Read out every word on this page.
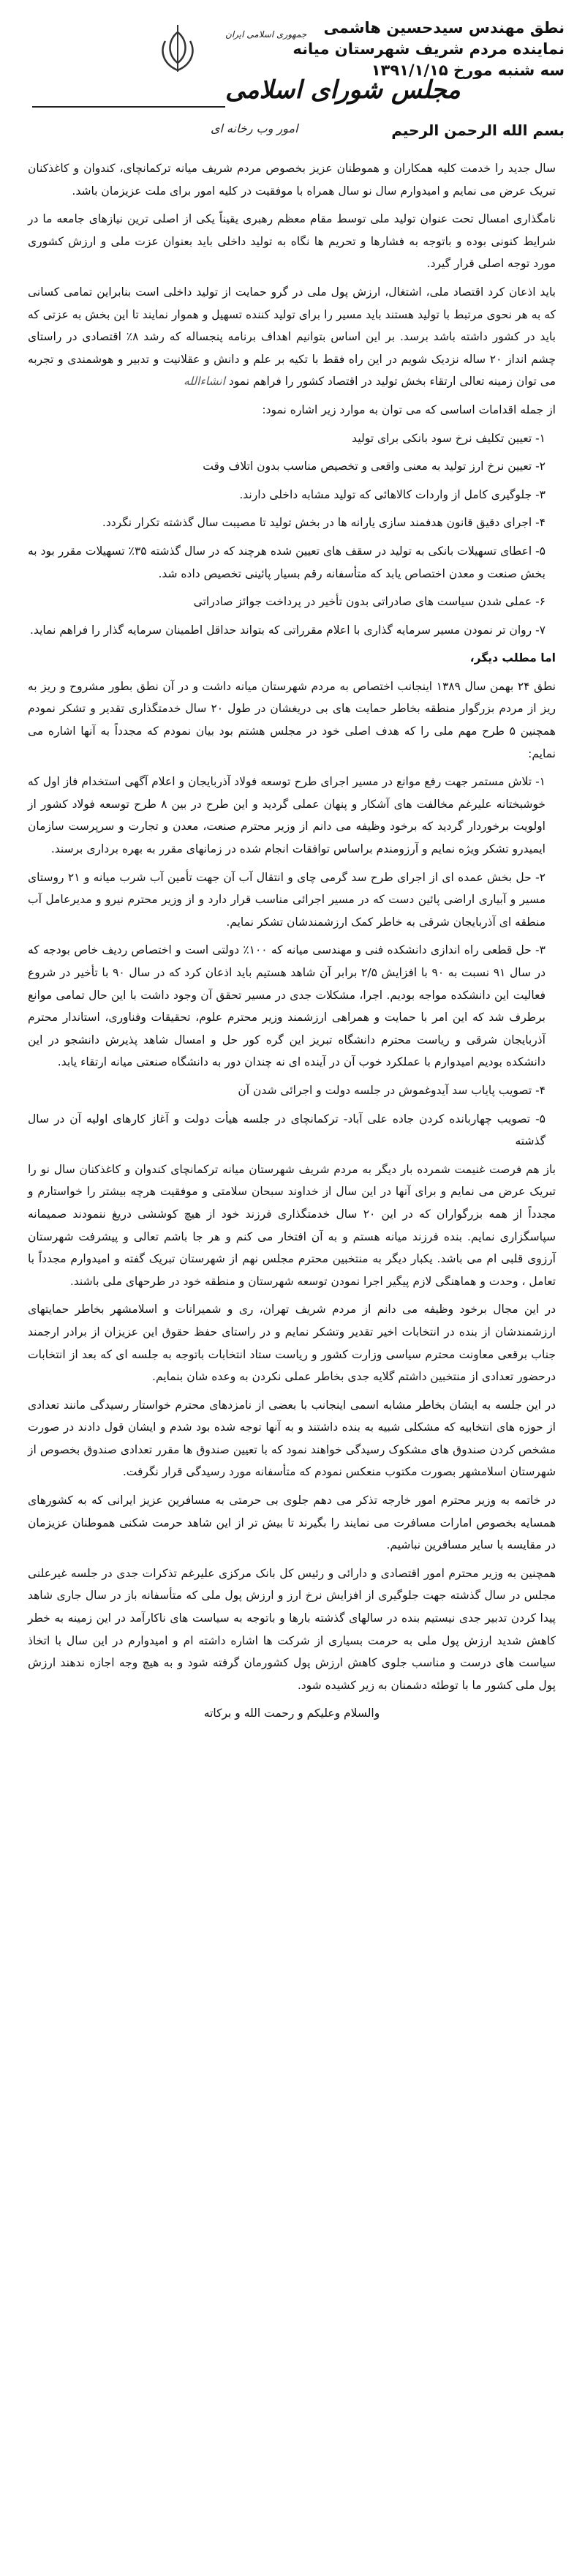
نطق مهندس سیدحسین هاشمی
نماینده مردم شریف شهرستان میانه
سه شنبه مورخ ۱۳۹۱/۱/۱۵
بسم الله الرحمن الرحیم
جمهوری اسلامی ایران
مجلس شورای اسلامی
امور وب رخانه ای

سال جدید را خدمت کلیه همکاران و هموطنان عزیز بخصوص مردم شریف میانه ترکمانچای، کندوان و کاغذکنان تبریک عرض می نمایم و امیدوارم سال نو سال همراه با موفقیت در کلیه امور برای ملت عزیزمان باشد.

نامگذاری امسال تحت عنوان تولید ملی توسط مقام معظم رهبری یقیناً یکی از اصلی ترین نیازهای جامعه ما در شرایط کنونی بوده و باتوجه به فشارها و تحریم ها نگاه به تولید داخلی باید بعنوان عزت ملی و ارزش کشوری مورد توجه اصلی قرار گیرد.

باید اذعان کرد اقتصاد ملی، اشتغال، ارزش پول ملی در گرو حمایت از تولید داخلی است بنابراین تمامی کسانی که به هر نحوی مرتبط با تولید هستند باید مسیر را برای تولید کننده تسهیل و هموار نمایند تا این بخش به عزتی که باید در کشور داشته باشد برسد. بر این اساس بتوانیم اهداف برنامه پنجساله که رشد ۸٪ اقتصادی در راستای چشم انداز ۲۰ ساله نزدیک شویم در این راه فقط با تکیه بر علم و دانش و عقلانیت و تدبیر و هوشمندی و تجربه می توان زمینه تعالی ارتقاء بخش تولید در اقتصاد کشور را فراهم نمود انشاءالله

از جمله اقدامات اساسی که می توان به موارد زیر اشاره نمود:

۱- تعیین تکلیف نرخ سود بانکی برای تولید

۲- تعیین نرخ ارز تولید به معنی واقعی و تخصیص مناسب بدون اتلاف وقت

۳- جلوگیری کامل از واردات کالاهائی که تولید مشابه داخلی دارند.

۴- اجرای دقیق قانون هدفمند سازی یارانه ها در بخش تولید تا مصیبت سال گذشته تکرار نگردد.

۵- اعطای تسهیلات بانکی به تولید در سقف های تعیین شده هرچند که در سال گذشته ۳۵٪ تسهیلات مقرر بود به بخش صنعت و معدن اختصاص یابد که متأسفانه رقم بسیار پائینی تخصیص داده شد.

۶- عملی شدن سیاست های صادراتی بدون تأخیر در پرداخت جوائز صادراتی

۷- روان تر نمودن مسیر سرمایه گذاری با اعلام مقرراتی که بتواند حداقل اطمینان سرمایه گذار را فراهم نماید.

اما مطلب دیگر،

نطق ۲۴ بهمن سال ۱۳۸۹ اینجانب اختصاص به مردم شهرستان میانه داشت و در آن نطق بطور مشروح و ریز به ریز از مردم بزرگوار منطقه بخاطر حمایت های بی دریغشان در طول ۲۰ سال خدمتگذاری تقدیر و تشکر نمودم همچنین ۵ طرح مهم ملی را که هدف اصلی خود در مجلس هشتم بود بیان نمودم که مجدداً به آنها اشاره می نمایم:

۱- تلاش مستمر جهت رفع موانع در مسیر اجرای طرح توسعه فولاد آذربایجان و اعلام آگهی استخدام فاز اول که خوشبختانه علیرغم مخالفت های آشکار و پنهان عملی گردید و این طرح در بین ۸ طرح توسعه فولاد کشور از اولویت برخوردار گردید که برخود وظیفه می دانم از وزیر محترم صنعت، معدن و تجارت و سرپرست سازمان ایمیدرو تشکر ویژه نمایم و آرزومندم براساس توافقات انجام شده در زمانهای مقرر به بهره برداری برسند.

۲- حل بخش عمده ای از اجرای طرح سد گرمی چای و انتقال آب آن جهت تأمین آب شرب میانه و ۲۱ روستای مسیر و آبیاری اراضی پائین دست که در مسیر اجرائی مناسب قرار دارد و از وزیر محترم نیرو و مدیرعامل آب منطقه ای آذربایجان شرقی به خاطر کمک ارزشمندشان تشکر نمایم.

۳- حل قطعی راه اندازی دانشکده فنی و مهندسی میانه که ۱۰۰٪ دولتی است و اختصاص ردیف خاص بودجه که در سال ۹۱ نسبت به ۹۰ با افزایش ۲/۵ برابر آن شاهد هستیم باید اذعان کرد که در سال ۹۰ با تأخیر در شروع فعالیت این دانشکده مواجه بودیم. اجرا، مشکلات جدی در مسیر تحقق آن وجود داشت با این حال تمامی موانع برطرف شد که این امر با حمایت و همراهی ارزشمند وزیر محترم علوم، تحقیقات وفناوری، استاندار محترم آذربایجان شرقی و ریاست محترم دانشگاه تبریز این گره کور حل و امسال شاهد پذیرش دانشجو در این دانشکده بودیم امیدوارم با عملکرد خوب آن در آینده ای نه چندان دور به دانشگاه صنعتی میانه ارتقاء یابد.

۴- تصویب پایاب سد آیدوغموش در جلسه دولت و اجرائی شدن آن

۵- تصویب چهاربانده کردن جاده علی آباد- ترکمانچای در جلسه هیأت دولت و آغاز کارهای اولیه آن در سال گذشته

باز هم فرصت غنیمت شمرده بار دیگر به مردم شریف شهرستان میانه ترکمانچای کندوان و کاغذکنان سال نو را تبریک عرض می نمایم و برای آنها در این سال از خداوند سبحان سلامتی و موفقیت هرچه بیشتر را خواستارم و مجدداً از همه بزرگواران که در این ۲۰ سال خدمتگذاری فرزند خود از هیچ کوششی دریغ ننمودند صمیمانه سپاسگزاری نمایم. بنده فرزند میانه هستم و به آن افتخار می کنم و هر جا باشم تعالی و پیشرفت شهرستان آرزوی قلبی ام می باشد. یکبار دیگر به منتخبین محترم مجلس نهم از شهرستان تبریک گفته و امیدوارم مجدداً با تعامل ، وحدت و هماهنگی لازم پیگیر اجرا نمودن توسعه شهرستان و منطقه خود در طرحهای ملی باشند.

در این مجال برخود وظیفه می دانم از مردم شریف تهران، ری و شمیرانات و اسلامشهر بخاطر حمایتهای ارزشمندشان از بنده در انتخابات اخیر تقدیر وتشکر نمایم و در راستای حفظ حقوق این عزیزان از برادر ارجمند جناب برقعی معاونت محترم سیاسی وزارت کشور و ریاست ستاد انتخابات باتوجه به جلسه ای که بعد از انتخابات درحضور تعدادی از منتخبین داشتم گلایه جدی بخاطر عملی نکردن به وعده شان بنمایم.

در این جلسه به ایشان بخاطر مشابه اسمی اینجانب با بعضی از نامزدهای محترم خواستار رسیدگی مانند تعدادی از حوزه های انتخابیه که مشکلی شبیه به بنده داشتند و به آنها توجه شده بود شدم و ایشان قول دادند در صورت مشخص کردن صندوق های مشکوک رسیدگی خواهند نمود که با تعیین صندوق ها مقرر تعدادی صندوق بخصوص از شهرستان اسلامشهر بصورت مکتوب منعکس نمودم که متأسفانه مورد رسیدگی قرار نگرفت.

در خاتمه به وزیر محترم امور خارجه تذکر می دهم جلوی بی حرمتی به مسافرین عزیز ایرانی که به کشورهای همسایه بخصوص امارات مسافرت می نمایند را بگیرند تا بیش تر از این شاهد حرمت شکنی هموطنان عزیزمان در مقایسه با سایر مسافرین نباشیم.

همچنین به وزیر محترم امور اقتصادی و دارائی و رئیس کل بانک مرکزی علیرغم تذکرات جدی در جلسه غیرعلنی مجلس در سال گذشته جهت جلوگیری از افزایش نرخ ارز و ارزش پول ملی که متأسفانه باز در سال جاری شاهد پیدا کردن تدبیر جدی نیستیم بنده در سالهای گذشته بارها و باتوجه به سیاست های ناکارآمد در این زمینه به خطر کاهش شدید ارزش پول ملی به حرمت بسیاری از شرکت ها اشاره داشته ام و امیدوارم در این سال با اتخاذ سیاست های درست و مناسب جلوی کاهش ارزش پول کشورمان گرفته شود و به هیچ وجه اجازه ندهند ارزش پول ملی کشور ما با توطئه دشمنان به زیر کشیده شود.

والسلام وعلیکم و رحمت الله و برکاته
